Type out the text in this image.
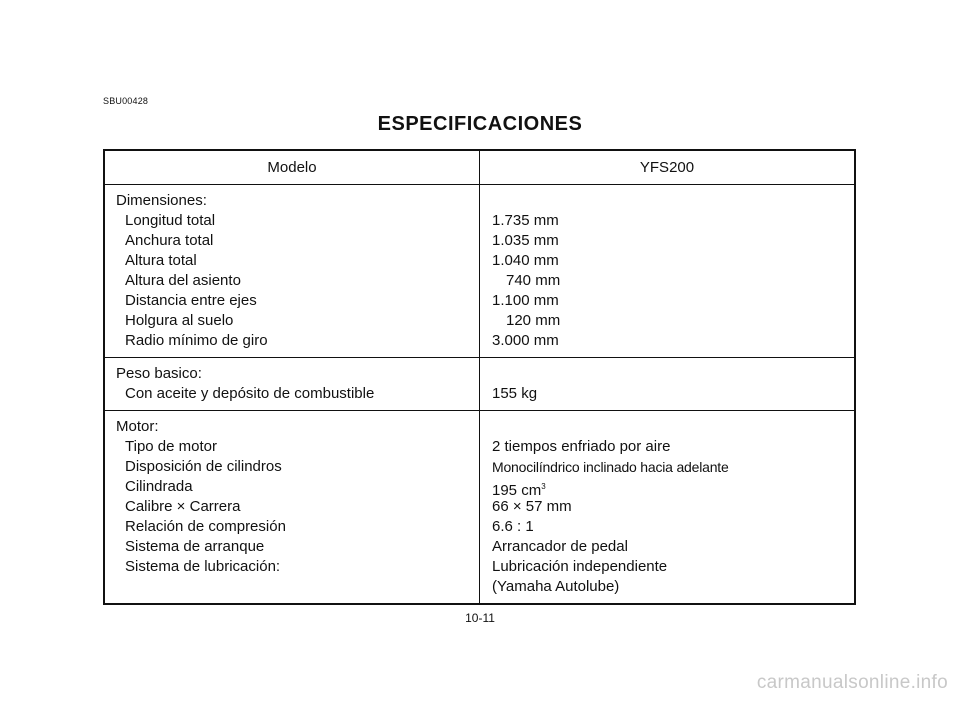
SBU00428
ESPECIFICACIONES
Modelo	YFS200
Dimensiones:
Longitud total
Anchura total
Altura total
Altura del asiento
Distancia entre ejes
Holgura al suelo
Radio mínimo de giro

1.735 mm
1.035 mm
1.040 mm
740 mm
1.100 mm
120 mm
3.000 mm
Peso basico:
Con aceite y depósito de combustible
	155 kg
Motor:
Tipo de motor
Disposición de cilindros
Cilindrada
Calibre × Carrera
Relación de compresión
Sistema de arranque
Sistema de lubricación:

2 tiempos enfriado por aire
Monocilíndrico inclinado hacia adelante
195 $cm^3$
66 × 57 mm
6.6 : 1
Arrancador de pedal
Lubricación independiente
(Yamaha Autolube)
10-11
carmanualsonline.info
